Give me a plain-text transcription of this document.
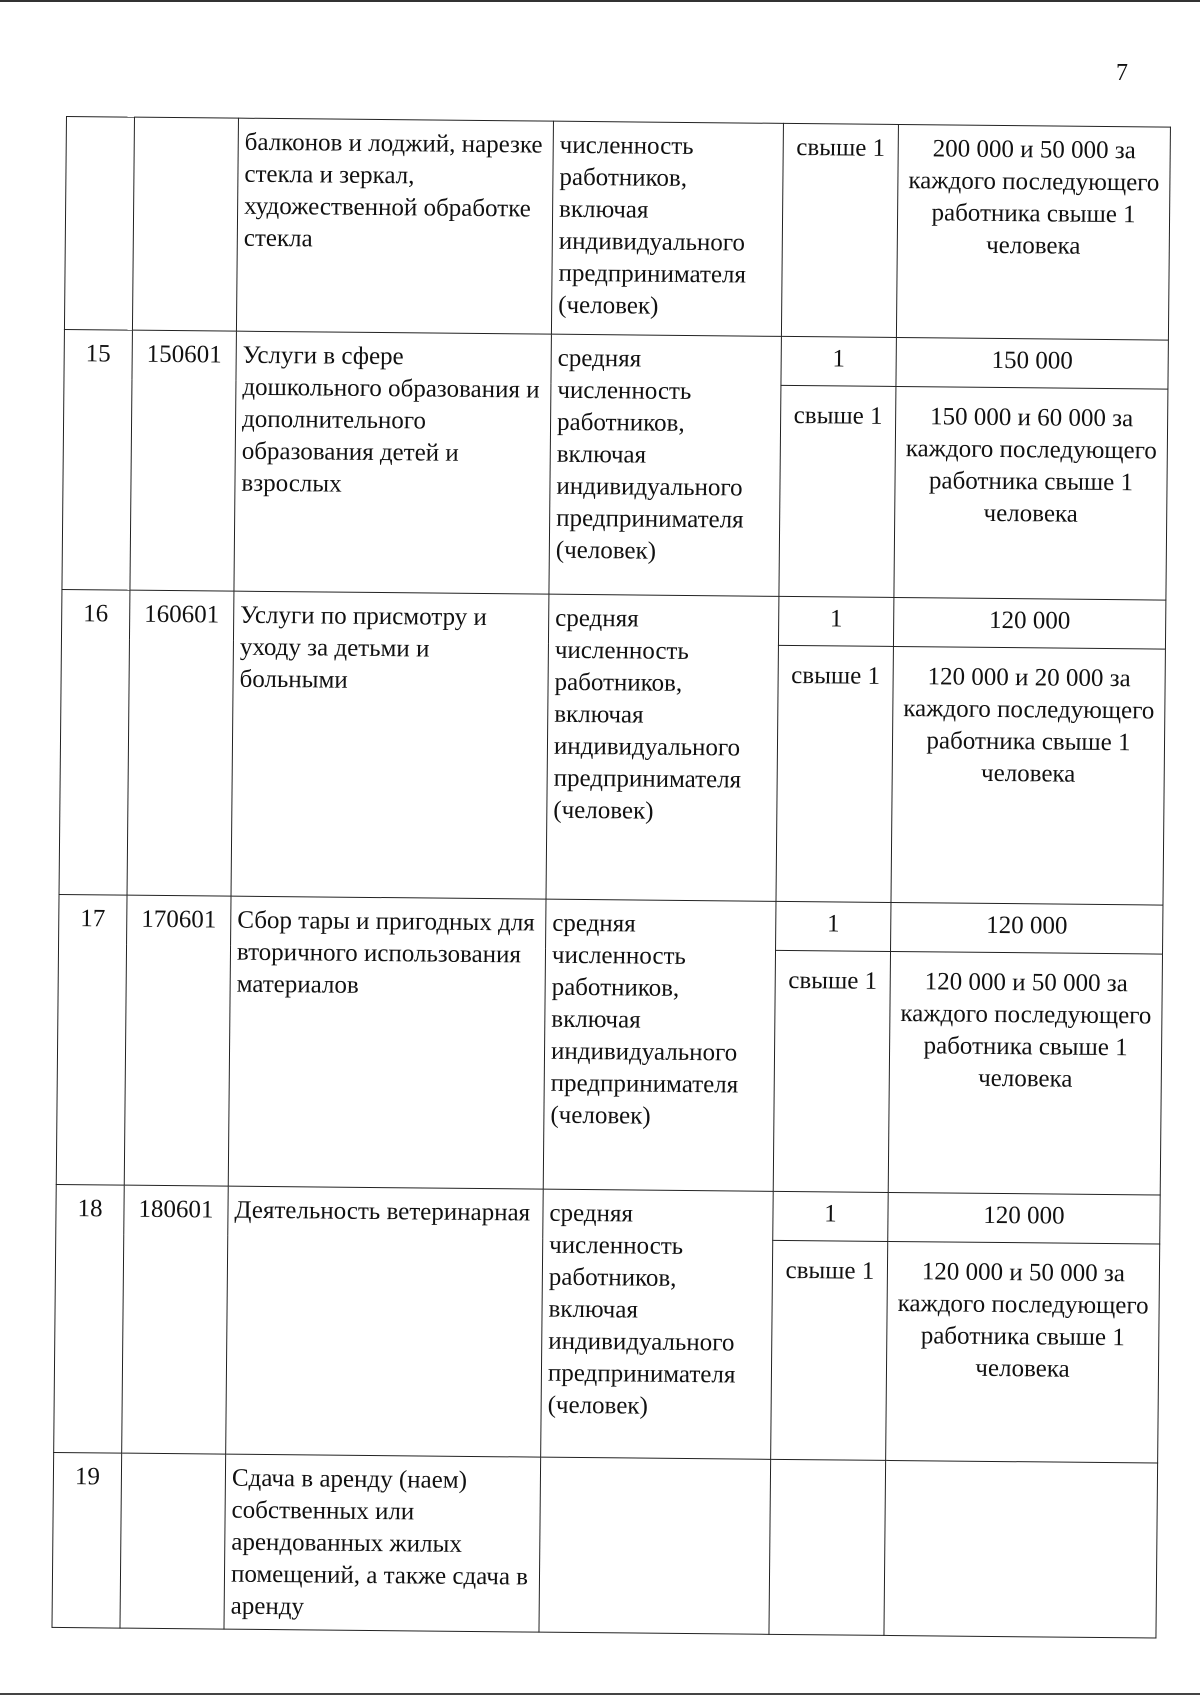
7
		балконов и лоджий, нарезке стекла и зеркал, художественной обработке стекла	численность работников, включая индивидуального предпринимателя (человек)	свыше 1	200 000 и 50 000 за каждого последующего работника свыше 1 человека
15	150601	Услуги в сфере дошкольного образования и дополнительного образования детей и взрослых	средняя численность работников, включая индивидуального предпринимателя (человек)	1	150 000
				свыше 1	150 000 и 60 000 за каждого последующего работника свыше 1 человека
16	160601	Услуги по присмотру и уходу за детьми и больными	средняя численность работников, включая индивидуального предпринимателя (человек)	1	120 000
				свыше 1	120 000 и 20 000 за каждого последующего работника свыше 1 человека
17	170601	Сбор тары и пригодных для вторичного использования материалов	средняя численность работников, включая индивидуального предпринимателя (человек)	1	120 000
				свыше 1	120 000 и 50 000 за каждого последующего работника свыше 1 человека
18	180601	Деятельность ветеринарная	средняя численность работников, включая индивидуального предпринимателя (человек)	1	120 000
				свыше 1	120 000 и 50 000 за каждого последующего работника свыше 1 человека
19		Сдача в аренду (наем) собственных или арендованных жилых помещений, а также сдача в аренду			
